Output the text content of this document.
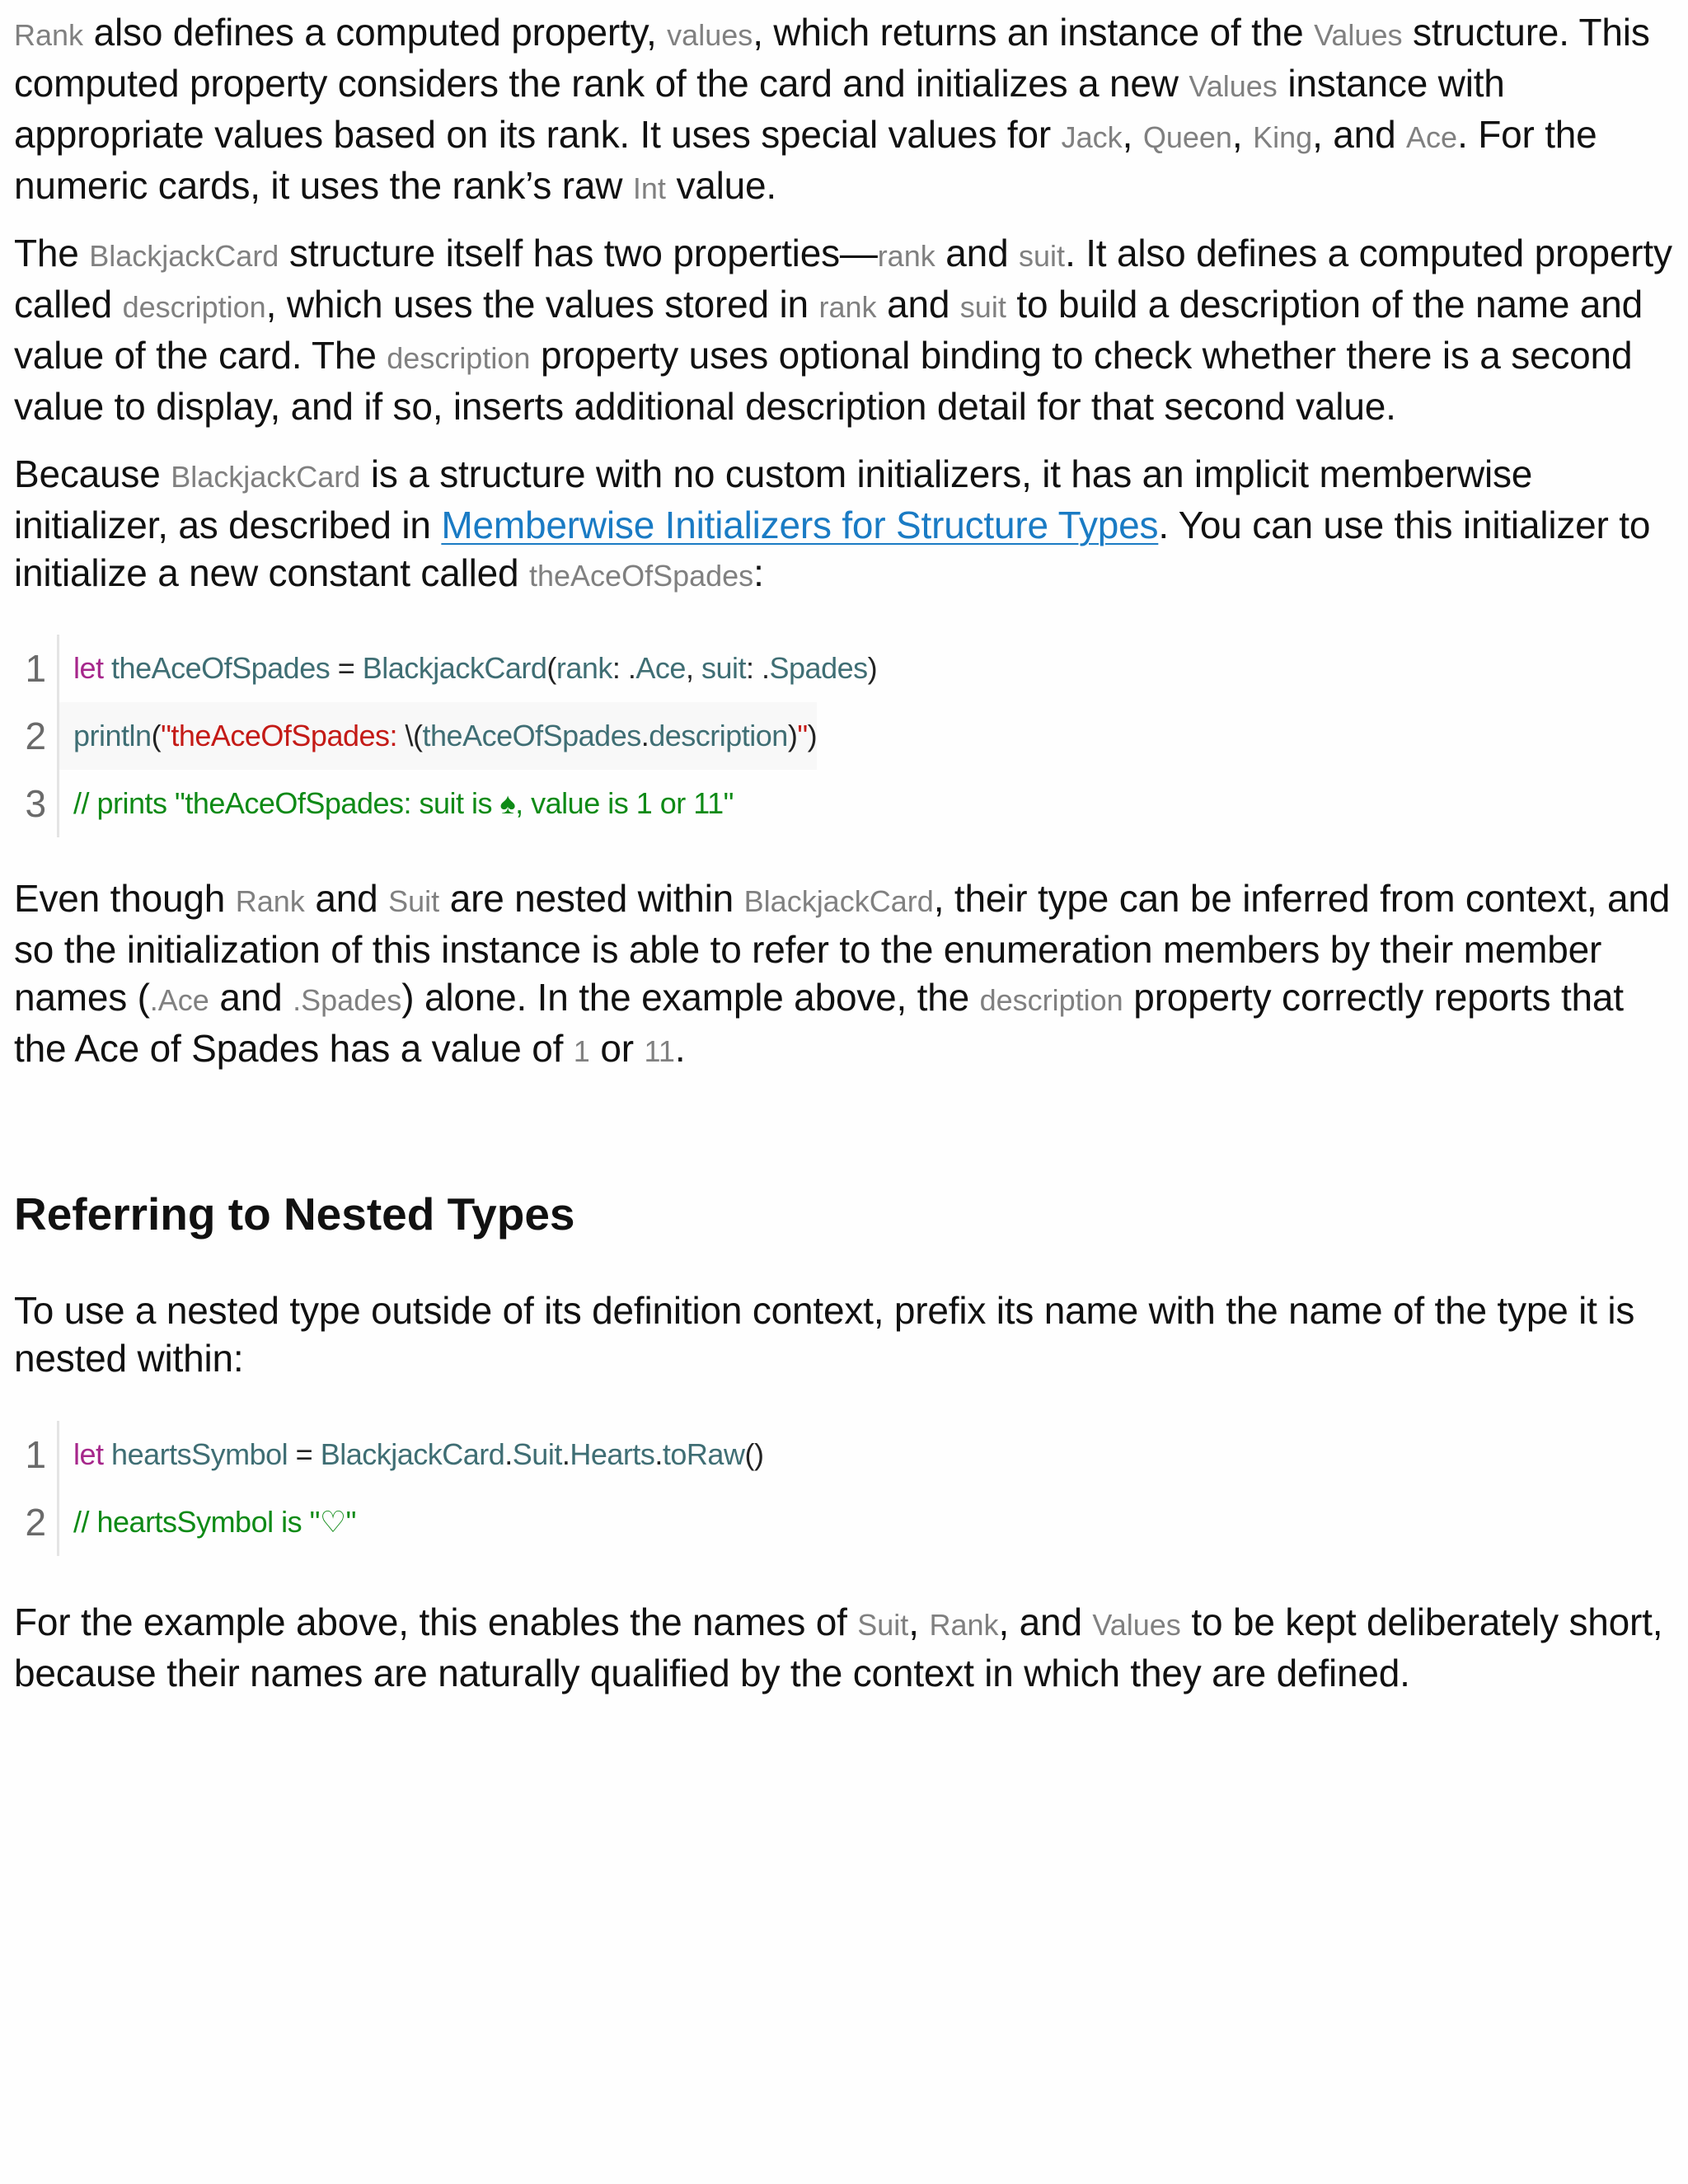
Rank also defines a computed property, values, which returns an instance of the Values structure. This computed property considers the rank of the card and initializes a new Values instance with appropriate values based on its rank. It uses special values for Jack, Queen, King, and Ace. For the numeric cards, it uses the rank’s raw Int value.

The BlackjackCard structure itself has two properties—rank and suit. It also defines a computed property called description, which uses the values stored in rank and suit to build a description of the name and value of the card. The description property uses optional binding to check whether there is a second value to display, and if so, inserts additional description detail for that second value.

Because BlackjackCard is a structure with no custom initializers, it has an implicit memberwise initializer, as described in Memberwise Initializers for Structure Types. You can use this initializer to initialize a new constant called theAceOfSpades:

1 let theAceOfSpades = BlackjackCard(rank: .Ace, suit: .Spades)
2 println("theAceOfSpades: \(theAceOfSpades.description)")
3 // prints "theAceOfSpades: suit is ♠, value is 1 or 11"

Even though Rank and Suit are nested within BlackjackCard, their type can be inferred from context, and so the initialization of this instance is able to refer to the enumeration members by their member names (.Ace and .Spades) alone. In the example above, the description property correctly reports that the Ace of Spades has a value of 1 or 11.

Referring to Nested Types

To use a nested type outside of its definition context, prefix its name with the name of the type it is nested within:

1 let heartsSymbol = BlackjackCard.Suit.Hearts.toRaw()
2 // heartsSymbol is "♡"

For the example above, this enables the names of Suit, Rank, and Values to be kept deliberately short, because their names are naturally qualified by the context in which they are defined.
